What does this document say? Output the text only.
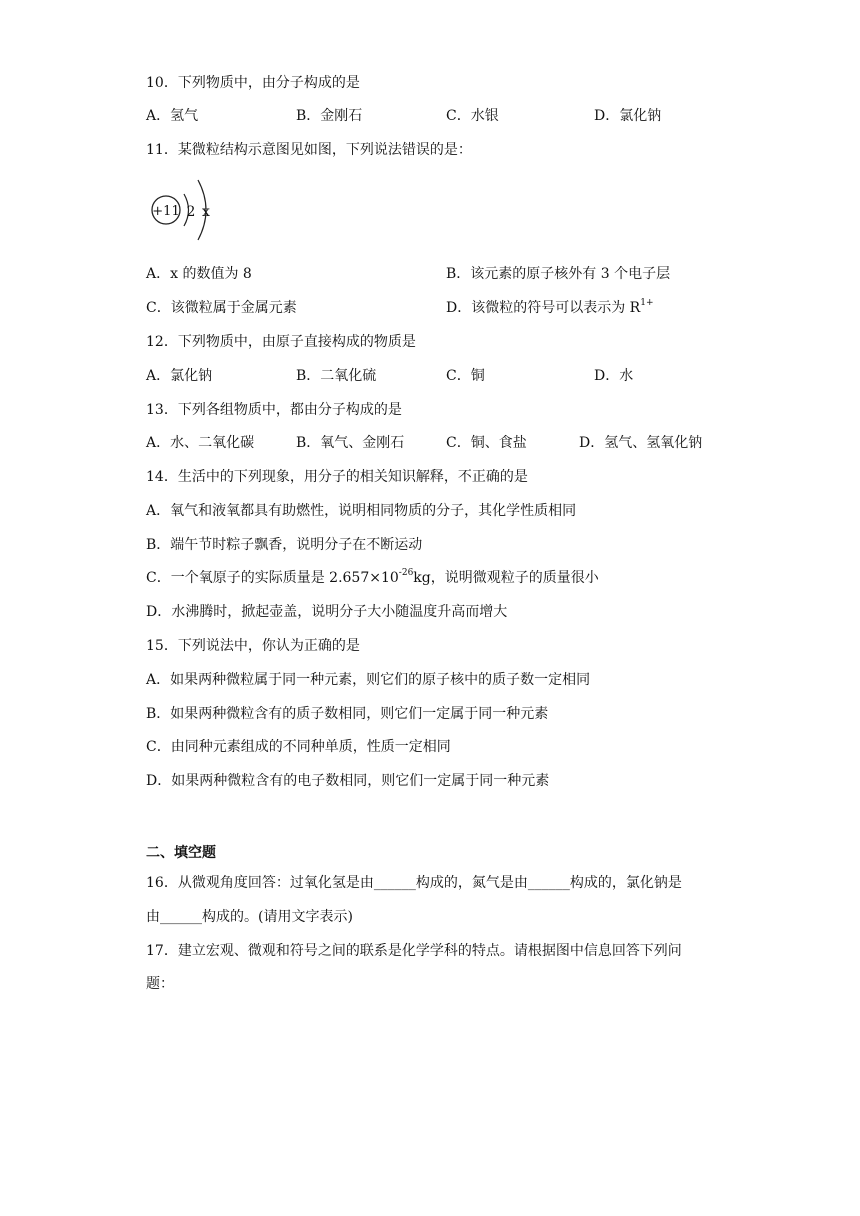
10．下列物质中，由分子构成的是
A．氢气	B．金刚石	C．水银	D．氯化钠
11．某微粒结构示意图见如图，下列说法错误的是：
+11 2 x
A．x 的数值为 8	B．该元素的原子核外有 3 个电子层
C．该微粒属于金属元素	D．该微粒的符号可以表示为 $R^{1+}$
12．下列物质中，由原子直接构成的物质是
A．氯化钠	B．二氧化硫	C．铜	D．水
13．下列各组物质中，都由分子构成的是
A．水、二氧化碳	B．氧气、金刚石	C．铜、食盐	D．氢气、氢氧化钠
14．生活中的下列现象，用分子的相关知识解释，不正确的是
A．氧气和液氧都具有助燃性，说明相同物质的分子，其化学性质相同
B．端午节时粽子飘香，说明分子在不断运动
C．一个氧原子的实际质量是 $2.657\times 10^{-26}kg$，说明微观粒子的质量很小
D．水沸腾时，掀起壶盖，说明分子大小随温度升高而增大
15．下列说法中，你认为正确的是
A．如果两种微粒属于同一种元素，则它们的原子核中的质子数一定相同
B．如果两种微粒含有的质子数相同，则它们一定属于同一种元素
C．由同种元素组成的不同种单质，性质一定相同
D．如果两种微粒含有的电子数相同，则它们一定属于同一种元素
二、填空题
16．从微观角度回答：过氧化氢是由______构成的，氮气是由______构成的，氯化钠是
由______构成的。(请用文字表示)
17．建立宏观、微观和符号之间的联系是化学学科的特点。请根据图中信息回答下列问
题：
